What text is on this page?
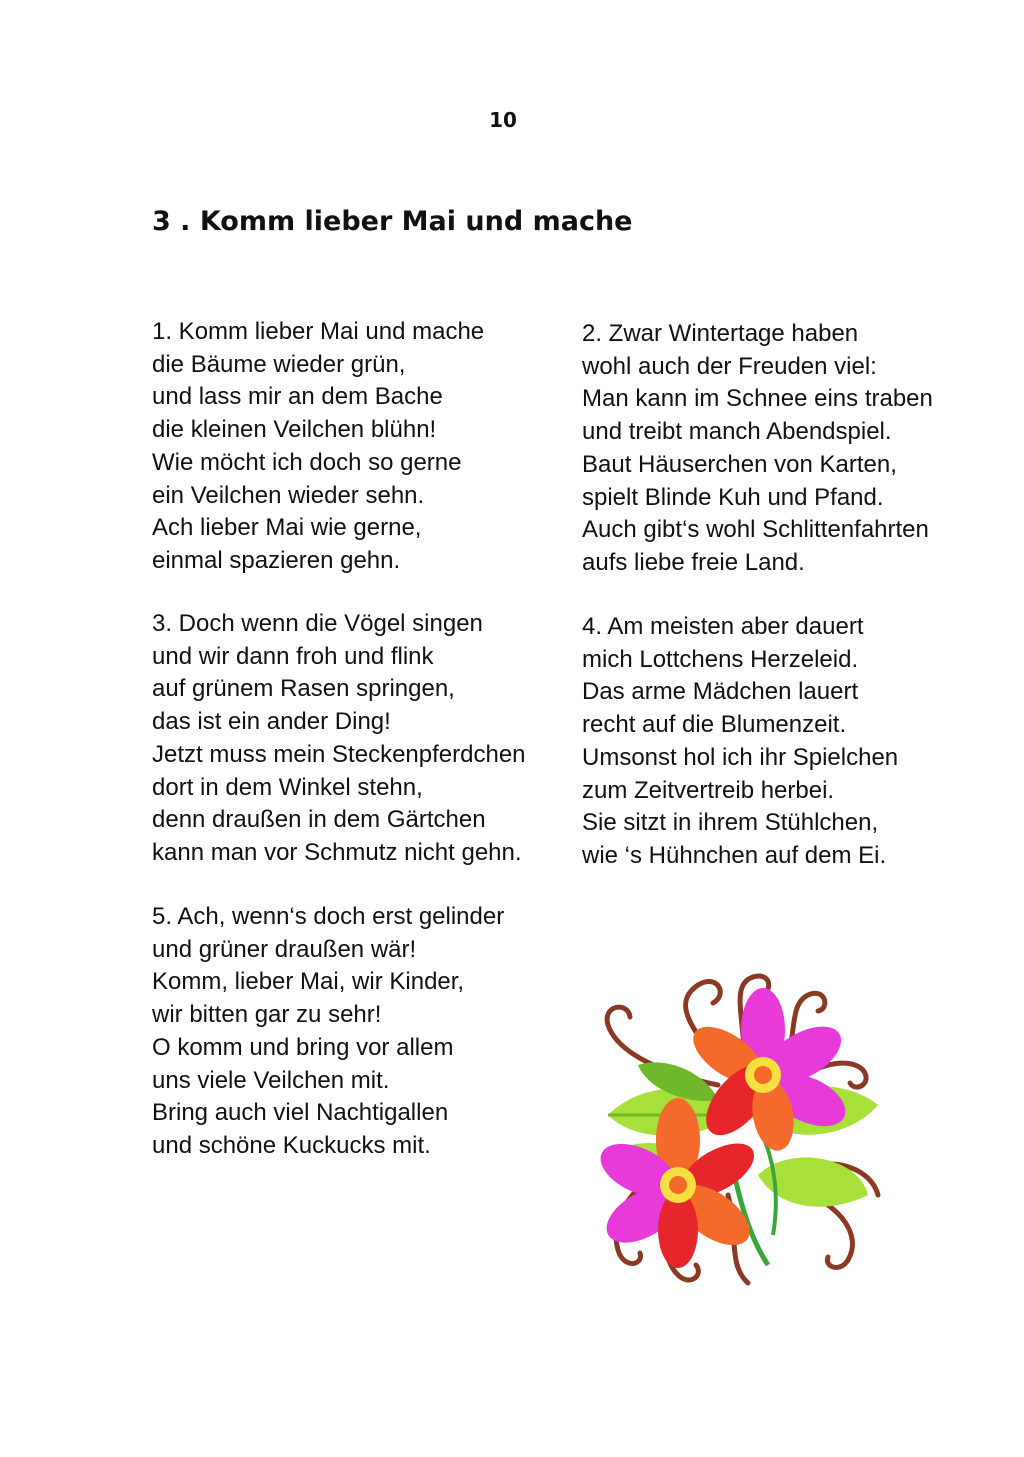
10
3 . Komm lieber Mai und mache
1. Komm lieber Mai und mache
die Bäume wieder grün,
und lass mir an dem Bache
die kleinen Veilchen blühn!
Wie möcht ich doch so gerne
ein Veilchen wieder sehn.
Ach lieber Mai wie gerne,
einmal spazieren gehn.
2. Zwar Wintertage haben
wohl auch der Freuden viel:
Man kann im Schnee eins traben
und treibt manch Abendspiel.
Baut Häuserchen von Karten,
spielt Blinde Kuh und Pfand.
Auch gibt‘s wohl Schlittenfahrten
aufs liebe freie Land.
3. Doch wenn die Vögel singen
und wir dann froh und flink
auf grünem Rasen springen,
das ist ein ander Ding!
Jetzt muss mein Steckenpferdchen
dort in dem Winkel stehn,
denn draußen in dem Gärtchen
kann man vor Schmutz nicht gehn.
4. Am meisten aber dauert
mich Lottchens Herzeleid.
Das arme Mädchen lauert
recht auf die Blumenzeit.
Umsonst hol ich ihr Spielchen
zum Zeitvertreib herbei.
Sie sitzt in ihrem Stühlchen,
wie ‘s Hühnchen auf dem Ei.
5. Ach, wenn‘s doch erst gelinder
und grüner draußen wär!
Komm, lieber Mai, wir Kinder,
wir bitten gar zu sehr!
O komm und bring vor allem
uns viele Veilchen mit.
Bring auch viel Nachtigallen
und schöne Kuckucks mit.
